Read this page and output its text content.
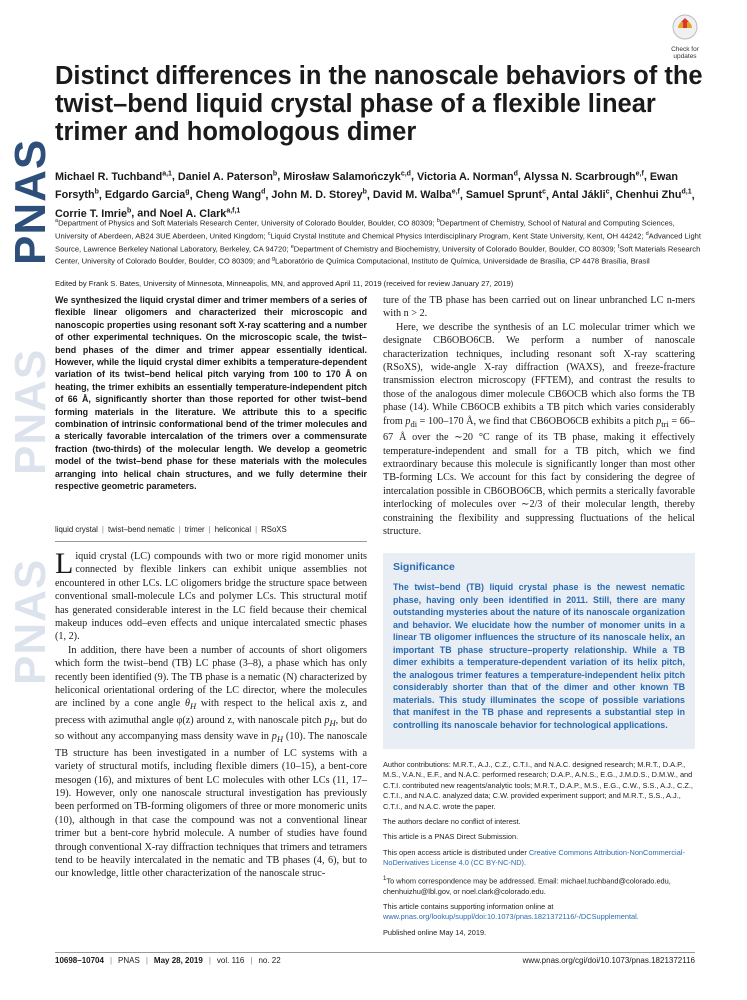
PNAS
PNAS
PNAS
Check for
updates
Distinct differences in the nanoscale behaviors of the twist–bend liquid crystal phase of a flexible linear trimer and homologous dimer
Michael R. Tuchband$^{a,1}$, Daniel A. Paterson$^b$, Mirosław Salamończyk$^{c,d}$, Victoria A. Norman$^d$, Alyssa N. Scarbrough$^{e,f}$, Ewan Forsyth$^b$, Edgardo Garcia$^g$, Cheng Wang$^d$, John M. D. Storey$^b$, David M. Walba$^{e,f}$, Samuel Sprunt$^c$, Antal Jákli$^c$, Chenhui Zhu$^{d,1}$, Corrie T. Imrie$^b$, and Noel A. Clark$^{a,f,1}$
$^a$Department of Physics and Soft Materials Research Center, University of Colorado Boulder, Boulder, CO 80309; $^b$Department of Chemistry, School of Natural and Computing Sciences, University of Aberdeen, AB24 3UE Aberdeen, United Kingdom; $^c$Liquid Crystal Institute and Chemical Physics Interdisciplinary Program, Kent State University, Kent, OH 44242; $^d$Advanced Light Source, Lawrence Berkeley National Laboratory, Berkeley, CA 94720; $^e$Department of Chemistry and Biochemistry, University of Colorado Boulder, Boulder, CO 80309; $^f$Soft Materials Research Center, University of Colorado Boulder, Boulder, CO 80309; and $^g$Laboratório de Química Computacional, Instituto de Química, Universidade de Brasília, CP 4478 Brasília, Brasil
Edited by Frank S. Bates, University of Minnesota, Minneapolis, MN, and approved April 11, 2019 (received for review January 27, 2019)

We synthesized the liquid crystal dimer and trimer members of a series of flexible linear oligomers and characterized their microscopic and nanoscopic properties using resonant soft X-ray scattering and a number of other experimental techniques. On the microscopic scale, the twist–bend phases of the dimer and trimer appear essentially identical. However, while the liquid crystal dimer exhibits a temperature-dependent variation of its twist–bend helical pitch varying from 100 to 170 Å on heating, the trimer exhibits an essentially temperature-independent pitch of 66 Å, significantly shorter than those reported for other twist–bend forming materials in the literature. We attribute this to a specific combination of intrinsic conformational bend of the trimer molecules and a sterically favorable intercalation of the trimers over a commensurate fraction (two-thirds) of the molecular length. We develop a geometric model of the twist–bend phase for these materials with the molecules arranging into helical chain structures, and we fully determine their respective geometric parameters.

liquid crystal | twist–bend nematic | trimer | heliconical | RSoXS

Liquid crystal (LC) compounds with two or more rigid monomer units connected by flexible linkers can exhibit unique assemblies not encountered in other LCs. LC oligomers bridge the structure space between conventional small-molecule LCs and polymer LCs. This structural motif has generated considerable interest in the LC field because their chemical makeup induces odd–even effects and unique intercalated smectic phases (1, 2).

In addition, there have been a number of accounts of short oligomers which form the twist–bend (TB) LC phase (3–8), a phase which has only recently been identified (9). The TB phase is a nematic (N) characterized by heliconical orientational ordering of the LC director, where the molecules are inclined by a cone angle $\theta_H$ with respect to the helical axis z, and precess with azimuthal angle φ(z) around z, with nanoscale pitch $p_H$, but do so without any accompanying mass density wave in $p_H$ (10). The nanoscale TB structure has been investigated in a number of LC systems with a variety of structural motifs, including flexible dimers (10–15), a bent-core mesogen (16), and mixtures of bent LC molecules with other LCs (11, 17–19). However, only one nanoscale structural investigation has previously been performed on TB-forming oligomers of three or more monomeric units (10), although in that case the compound was not a conventional linear trimer but a bent-core hybrid molecule. A number of studies have found through conventional X-ray diffraction techniques that trimers and tetramers tend to be heavily intercalated in the nematic and TB phases (4, 6), but to our knowledge, little other characterization of the nanoscale struc-

ture of the TB phase has been carried out on linear unbranched LC n-mers with n > 2.

Here, we describe the synthesis of an LC molecular trimer which we designate CB6OBO6CB. We perform a number of nanoscale characterization techniques, including resonant soft X-ray scattering (RSoXS), wide-angle X-ray diffraction (WAXS), and freeze-fracture transmission electron microscopy (FFTEM), and contrast the results to those of the analogous dimer molecule CB6OCB which also forms the TB phase (14). While CB6OCB exhibits a TB pitch which varies considerably from $p_{di} = 100-170$ Å, we find that CB6OBO6CB exhibits a pitch $p_{tri} = 66-67$ Å over the ∼20 °C range of its TB phase, making it effectively temperature-independent and small for a TB pitch, which we find extraordinary because this molecule is significantly longer than most other TB-forming LCs. We account for this fact by considering the degree of intercalation possible in CB6OBO6CB, which permits a sterically favorable interlocking of molecules over ∼2/3 of their molecular length, thereby constraining the flexibility and suppressing fluctuations of the helical structure.

Significance
The twist–bend (TB) liquid crystal phase is the newest nematic phase, having only been identified in 2011. Still, there are many outstanding mysteries about the nature of its nanoscale organization and behavior. We elucidate how the number of monomer units in a linear TB oligomer influences the structure of its nanoscale helix, an important TB phase structure–property relationship. While a TB dimer exhibits a temperature-dependent variation of its helix pitch, the analogous trimer features a temperature-independent helix pitch considerably shorter than that of the dimer and other known TB materials. This study illuminates the scope of possible variations that manifest in the TB phase and represents a substantial step in controlling its nanoscale behavior for technological applications.

Author contributions: M.R.T., A.J., C.Z., C.T.I., and N.A.C. designed research; M.R.T., D.A.P., M.S., V.A.N., E.F., and N.A.C. performed research; D.A.P., A.N.S., E.G., J.M.D.S., D.M.W., and C.T.I. contributed new reagents/analytic tools; M.R.T., D.A.P., M.S., E.G., C.W., S.S., A.J., C.Z., C.T.I., and N.A.C. analyzed data; C.W. provided experiment support; and M.R.T., S.S., A.J., C.T.I., and N.A.C. wrote the paper.

The authors declare no conflict of interest.

This article is a PNAS Direct Submission.

This open access article is distributed under Creative Commons Attribution-NonCommercial-NoDerivatives License 4.0 (CC BY-NC-ND).

$^1$To whom correspondence may be addressed. Email: michael.tuchband@colorado.edu, chenhuizhu@lbl.gov, or noel.clark@colorado.edu.

This article contains supporting information online at www.pnas.org/lookup/suppl/doi:10.1073/pnas.1821372116/-/DCSupplemental.

Published online May 14, 2019.

10698–10704 | PNAS | May 28, 2019 | vol. 116 | no. 22	www.pnas.org/cgi/doi/10.1073/pnas.1821372116
